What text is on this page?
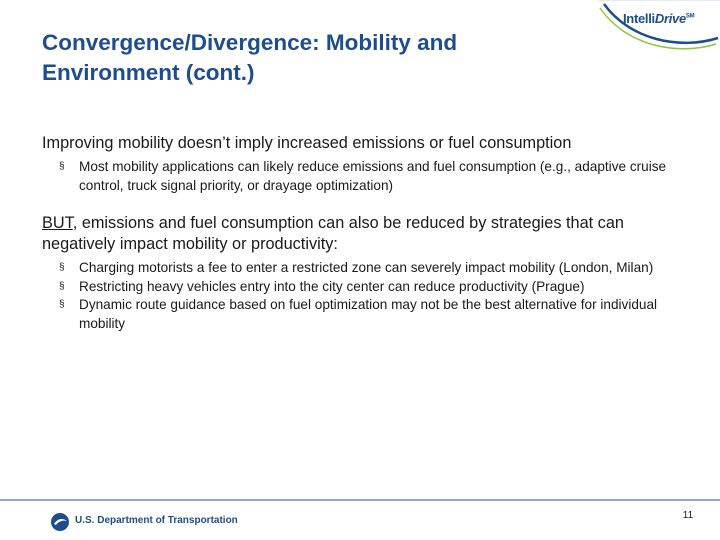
Convergence/Divergence: Mobility and
Environment (cont.)
IntelliDrive℠

Improving mobility doesn’t imply increased emissions or fuel consumption

§ Most mobility applications can likely reduce emissions and fuel consumption (e.g., adaptive cruise control, truck signal priority, or drayage optimization)

BUT, emissions and fuel consumption can also be reduced by strategies that can negatively impact mobility or productivity:

§ Charging motorists a fee to enter a restricted zone can severely impact mobility (London, Milan)

§ Restricting heavy vehicles entry into the city center can reduce productivity (Prague)

§ Dynamic route guidance based on fuel optimization may not be the best alternative for individual mobility

U.S. Department of Transportation	11
